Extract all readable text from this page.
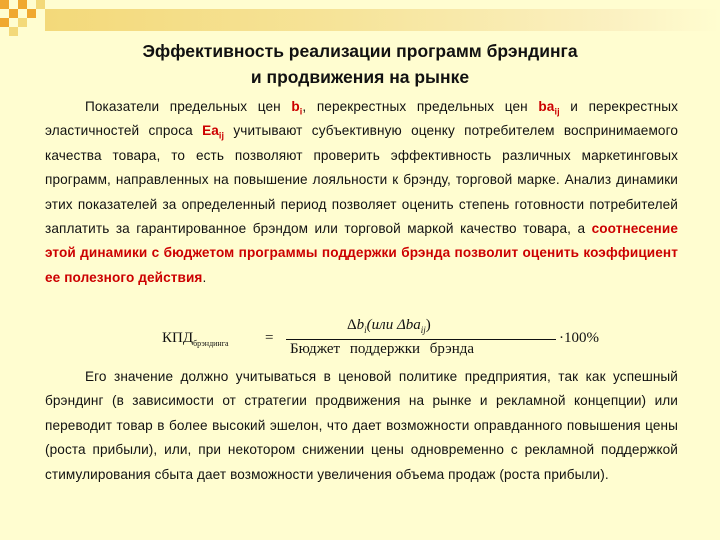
Эффективность реализации программ брэндинга
и продвижения на рынке

Показатели предельных цен $b_i$, перекрестных предельных цен $ba_{ij}$ и перекрестных эластичностей спроса $Ea_{ij}$ учитывают субъективную оценку потребителем воспринимаемого качества товара, то есть позволяют проверить эффективность различных маркетинговых программ, направленных на повышение лояльности к брэнду, торговой марке. Анализ динамики этих показателей за определенный период позволяет оценить степень готовности потребителей заплатить за гарантированное брэндом или торговой маркой качество товара, а соотнесение этой динамики с бюджетом программы поддержки брэнда позволит оценить коэффициент ее полезного действия.

$КПД_{брэндинга}$ =
$\Delta b_i(или$ Δba$_{ij}$)
Бюджет поддержки брэнда
·100%

Его значение должно учитываться в ценовой политике предприятия, так как успешный брэндинг (в зависимости от стратегии продвижения на рынке и рекламной концепции) или переводит товар в более высокий эшелон, что дает возможности оправданного повышения цены (роста прибыли), или, при некотором снижении цены одновременно с рекламной поддержкой стимулирования сбыта дает возможности увеличения объема продаж (роста прибыли).
